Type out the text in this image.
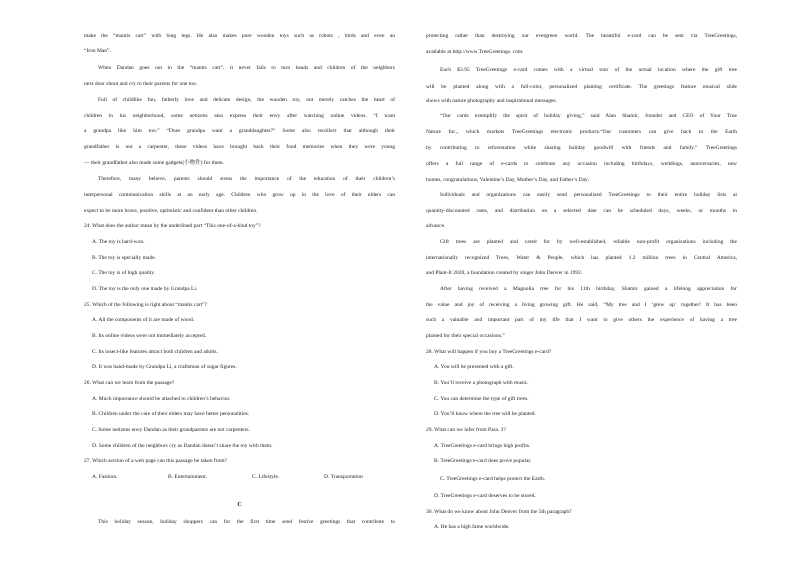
make the “mantis cart” with long legs. He also makes pure wooden toys such as robots , birds and even an
“Iron Man”.
When Dandan goes out in the “mantis cart”, it never fails to turn heads and children of the neighbors
next door shout and cry to their parents for one too.
Full of childlike fun, fatherly love and delicate design, the wooden toy, not merely catches the heart of
children in his neighborhood, some netizens also express their envy after watching online videos. “I want
a grandpa like him too.” “Does grandpa want a granddaughter?” Some also recollect that although their
grandfather is not a carpenter, these videos have brought back their fond memories when they were young
— their grandfather also made some gadgets(小物件) for them.
Therefore, many believe, parents should stress the importance of the education of their children’s
interpersonal communication skills at an early age. Children who grow up in the love of their elders can
expect to be more brave, positive, optimistic and confident than other children.
24. What does the author mean by the underlined part “This one-of-a-kind toy”?
A. The toy is hard-won.
B. The toy is specially made.
C. The toy is of high quality.
D. The toy is the only one made by Grandpa Li.
25. Which of the following is right about “mantis cart”?
A. All the components of it are made of wood.
B. Its online videos were not immediately accepted.
C. Its insect-like features attract both children and adults.
D. It was hand-made by Grandpa Li, a craftsman of sugar figures.
26. What can we learn from the passage?
A. Much importance should be attached to children’s behavior.
B. Children under the care of their elders may have better personalities.
C. Some netizens envy Dandan as their grandparents are not carpenters.
D. Some children of the neighbors cry as Dandan doesn’t share the toy with them.
27. Which section of a web page can this passage be taken from?
A. Fashion.	B. Entertainment.	C. Lifestyle.	D. Transportation
C
This holiday season, holiday shoppers can for the first time send festive greetings that contribute to
protecting rather than destroying our evergreen world. The beautiful e-card can be sent via TreeGreetings,
available at http://www.TreeGreetings. com.
Each $3.95 TreeGreetings e-card comes with a virtual tour of the actual location where the gift tree
will be planted along with a full-color, personalized planting certificate. The greetings feature musical slide
shows with nature photography and inspirational messages.
“Our cards exemplify the spirit of holiday giving,” said Alan Shamir, founder and CEO of Your True
Nature Inc., which markets TreeGreetings electronic products.“Our customers can give back to the Earth
by contributing to reforestation while sharing holiday goodwill with friends and family.” TreeGreetings
offers a full range of e-cards to celebrate any occasion including birthdays, weddings, anniversaries, new
homes, congratulations, Valentine’s Day, Mother’s Day, and Father’s Day.
Individuals and organizations can easily send personalized TreeGreetings to their entire holiday lists at
quantity-discounted rates, and distribution on a selected date can be scheduled days, weeks, or months in
advance.
Gift trees are planted and cared for by well-established, reliable non-profit organizations including the
internationally recognized Trees, Water & People, which has planted 1.2 million trees in Central America,
and Plant-It 2020, a foundation created by singer John Denver in 1992.
After having received a Magnolia tree for his 11th birthday, Shamir gained a lifelong appreciation for
the value and joy of receiving a living growing gift. He said, “My tree and I ‘grew up’ together! It has been
such a valuable and important part of my life that I want to give others the experience of having a tree
planted for their special occasions.”
28. What will happen if you buy a TreeGreetings e-card?
A. You will be presented with a gift.
B. You’ll receive a photograph with music.
C. You can determine the type of gift trees.
D. You’ll know where the tree will be planted.
29. What can we infer from Para. 3?
A. TreeGreetings e-card brings high profits.
B. TreeGreetings e-card does prove popular.
C. TreeGreetings e-card helps protect the Earth.
D. TreeGreetings e-card deserves to be stored.
30. What do we know about John Denver from the 5th paragraph?
A. He has a high fame worldwide.
